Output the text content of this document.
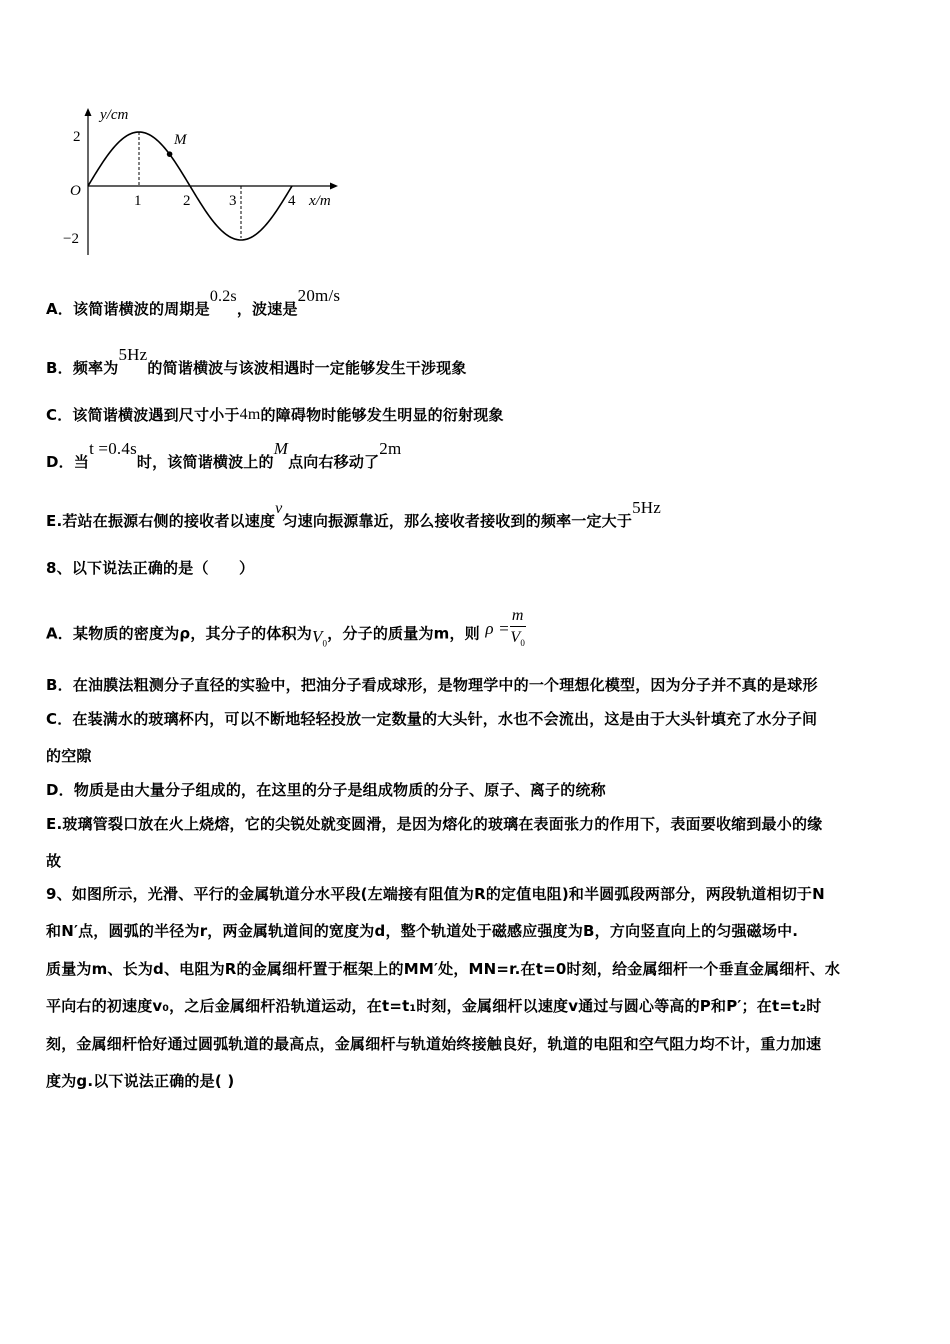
y/cm
x/m
O
M
2
−2
1	2	3	4
A．该简谐横波的周期是0.2s，波速是20m/s
B．频率为5Hz的简谐横波与该波相遇时一定能够发生干涉现象
C．该简谐横波遇到尺寸小于4m的障碍物时能够发生明显的衍射现象
D．当t =0.4s时，该简谐横波上的M点向右移动了2m
E.若站在振源右侧的接收者以速度v匀速向振源靠近，那么接收者接收到的频率一定大于5Hz
8、以下说法正确的是（　　）
A．某物质的密度为ρ，其分子的体积为$V_0$，分子的质量为m，则 $\rho = \frac{m}{V_0}$
B．在油膜法粗测分子直径的实验中，把油分子看成球形，是物理学中的一个理想化模型，因为分子并不真的是球形
C．在装满水的玻璃杯内，可以不断地轻轻投放一定数量的大头针，水也不会流出，这是由于大头针填充了水分子间
的空隙
D．物质是由大量分子组成的，在这里的分子是组成物质的分子、原子、离子的统称
E.玻璃管裂口放在火上烧熔，它的尖锐处就变圆滑，是因为熔化的玻璃在表面张力的作用下，表面要收缩到最小的缘
故
9、如图所示，光滑、平行的金属轨道分水平段(左端接有阻值为R的定值电阻)和半圆弧段两部分，两段轨道相切于N
和N′点，圆弧的半径为r，两金属轨道间的宽度为d，整个轨道处于磁感应强度为B，方向竖直向上的匀强磁场中.
质量为m、长为d、电阻为R的金属细杆置于框架上的MM′处，MN=r.在t=0时刻，给金属细杆一个垂直金属细杆、水
平向右的初速度v₀，之后金属细杆沿轨道运动，在t=t₁时刻，金属细杆以速度v通过与圆心等高的P和P′；在t=t₂时
刻，金属细杆恰好通过圆弧轨道的最高点，金属细杆与轨道始终接触良好，轨道的电阻和空气阻力均不计，重力加速
度为g.以下说法正确的是( )
